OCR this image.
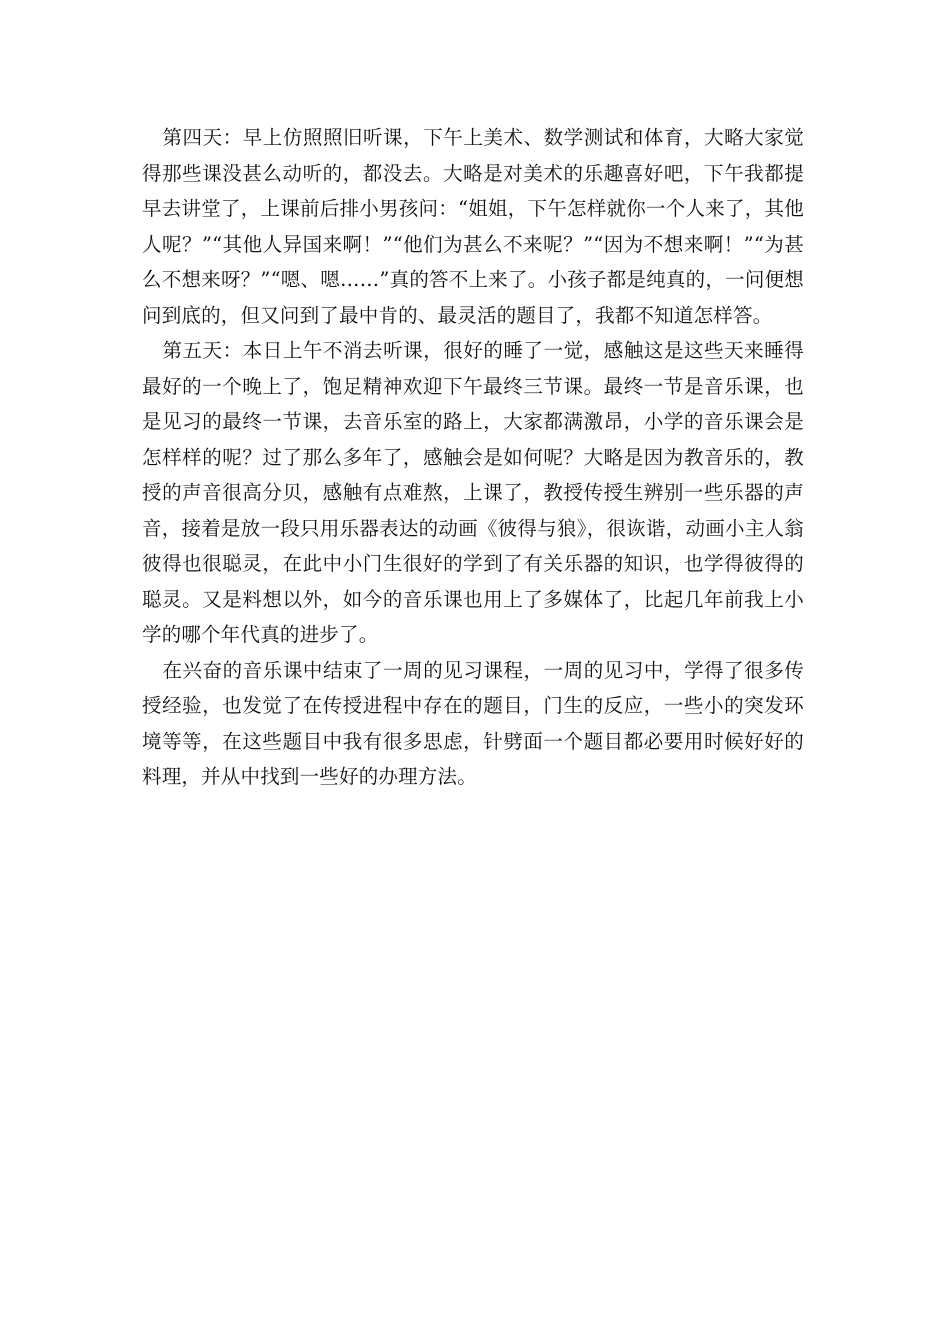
第四天：早上仿照照旧听课，下午上美术、数学测试和体育，大略大家觉得那些课没甚么动听的，都没去。大略是对美术的乐趣喜好吧，下午我都提早去讲堂了，上课前后排小男孩问：“姐姐，下午怎样就你一个人来了，其他人呢？”“其他人异国来啊！”“他们为甚么不来呢？”“因为不想来啊！”“为甚么不想来呀？”“嗯、嗯……”真的答不上来了。小孩子都是纯真的，一问便想问到底的，但又问到了最中肯的、最灵活的题目了，我都不知道怎样答。

第五天：本日上午不消去听课，很好的睡了一觉，感触这是这些天来睡得最好的一个晚上了，饱足精神欢迎下午最终三节课。最终一节是音乐课，也是见习的最终一节课，去音乐室的路上，大家都满激昂，小学的音乐课会是怎样样的呢？过了那么多年了，感触会是如何呢？大略是因为教音乐的，教授的声音很高分贝，感触有点难熬，上课了，教授传授生辨别一些乐器的声音，接着是放一段只用乐器表达的动画《彼得与狼》，很诙谐，动画小主人翁彼得也很聪灵，在此中小门生很好的学到了有关乐器的知识，也学得彼得的聪灵。又是料想以外，如今的音乐课也用上了多媒体了，比起几年前我上小学的哪个年代真的进步了。

在兴奋的音乐课中结束了一周的见习课程，一周的见习中，学得了很多传授经验，也发觉了在传授进程中存在的题目，门生的反应，一些小的突发环境等等，在这些题目中我有很多思虑，针劈面一个题目都必要用时候好好的料理，并从中找到一些好的办理方法。
